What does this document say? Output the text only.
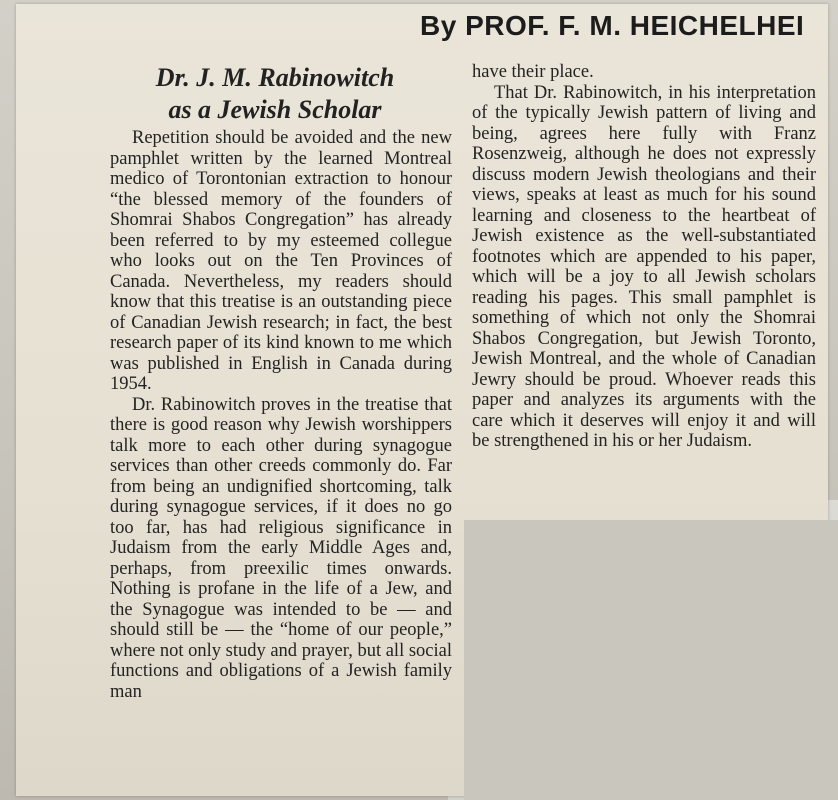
By PROF. F. M. HEICHELHEI
Dr. J. M. Rabinowitch
as a Jewish Scholar

Repetition should be avoided and the new pamphlet written by the learned Montreal medico of Torontonian extraction to honour “the blessed memory of the founders of Shomrai Shabos Congregation” has already been referred to by my esteemed collegue who looks out on the Ten Provinces of Canada. Nevertheless, my readers should know that this treatise is an outstanding piece of Canadian Jewish research; in fact, the best research paper of its kind known to me which was published in English in Canada during 1954.

Dr. Rabinowitch proves in the treatise that there is good reason why Jewish worshippers talk more to each other during synagogue services than other creeds commonly do. Far from being an undignified shortcoming, talk during synagogue services, if it does no go too far, has had religious significance in Judaism from the early Middle Ages and, perhaps, from preexilic times onwards. Nothing is profane in the life of a Jew, and the Synagogue was intended to be — and should still be — the “home of our people,” where not only study and prayer, but all social functions and obligations of a Jewish family man

have their place.

That Dr. Rabinowitch, in his interpretation of the typically Jewish pattern of living and being, agrees here fully with Franz Rosenzweig, although he does not expressly discuss modern Jewish theologians and their views, speaks at least as much for his sound learning and closeness to the heartbeat of Jewish existence as the well-substantiated footnotes which are appended to his paper, which will be a joy to all Jewish scholars reading his pages. This small pamphlet is something of which not only the Shomrai Shabos Congregation, but Jewish Toronto, Jewish Montreal, and the whole of Canadian Jewry should be proud. Whoever reads this paper and analyzes its arguments with the care which it deserves will enjoy it and will be strengthened in his or her Judaism.
